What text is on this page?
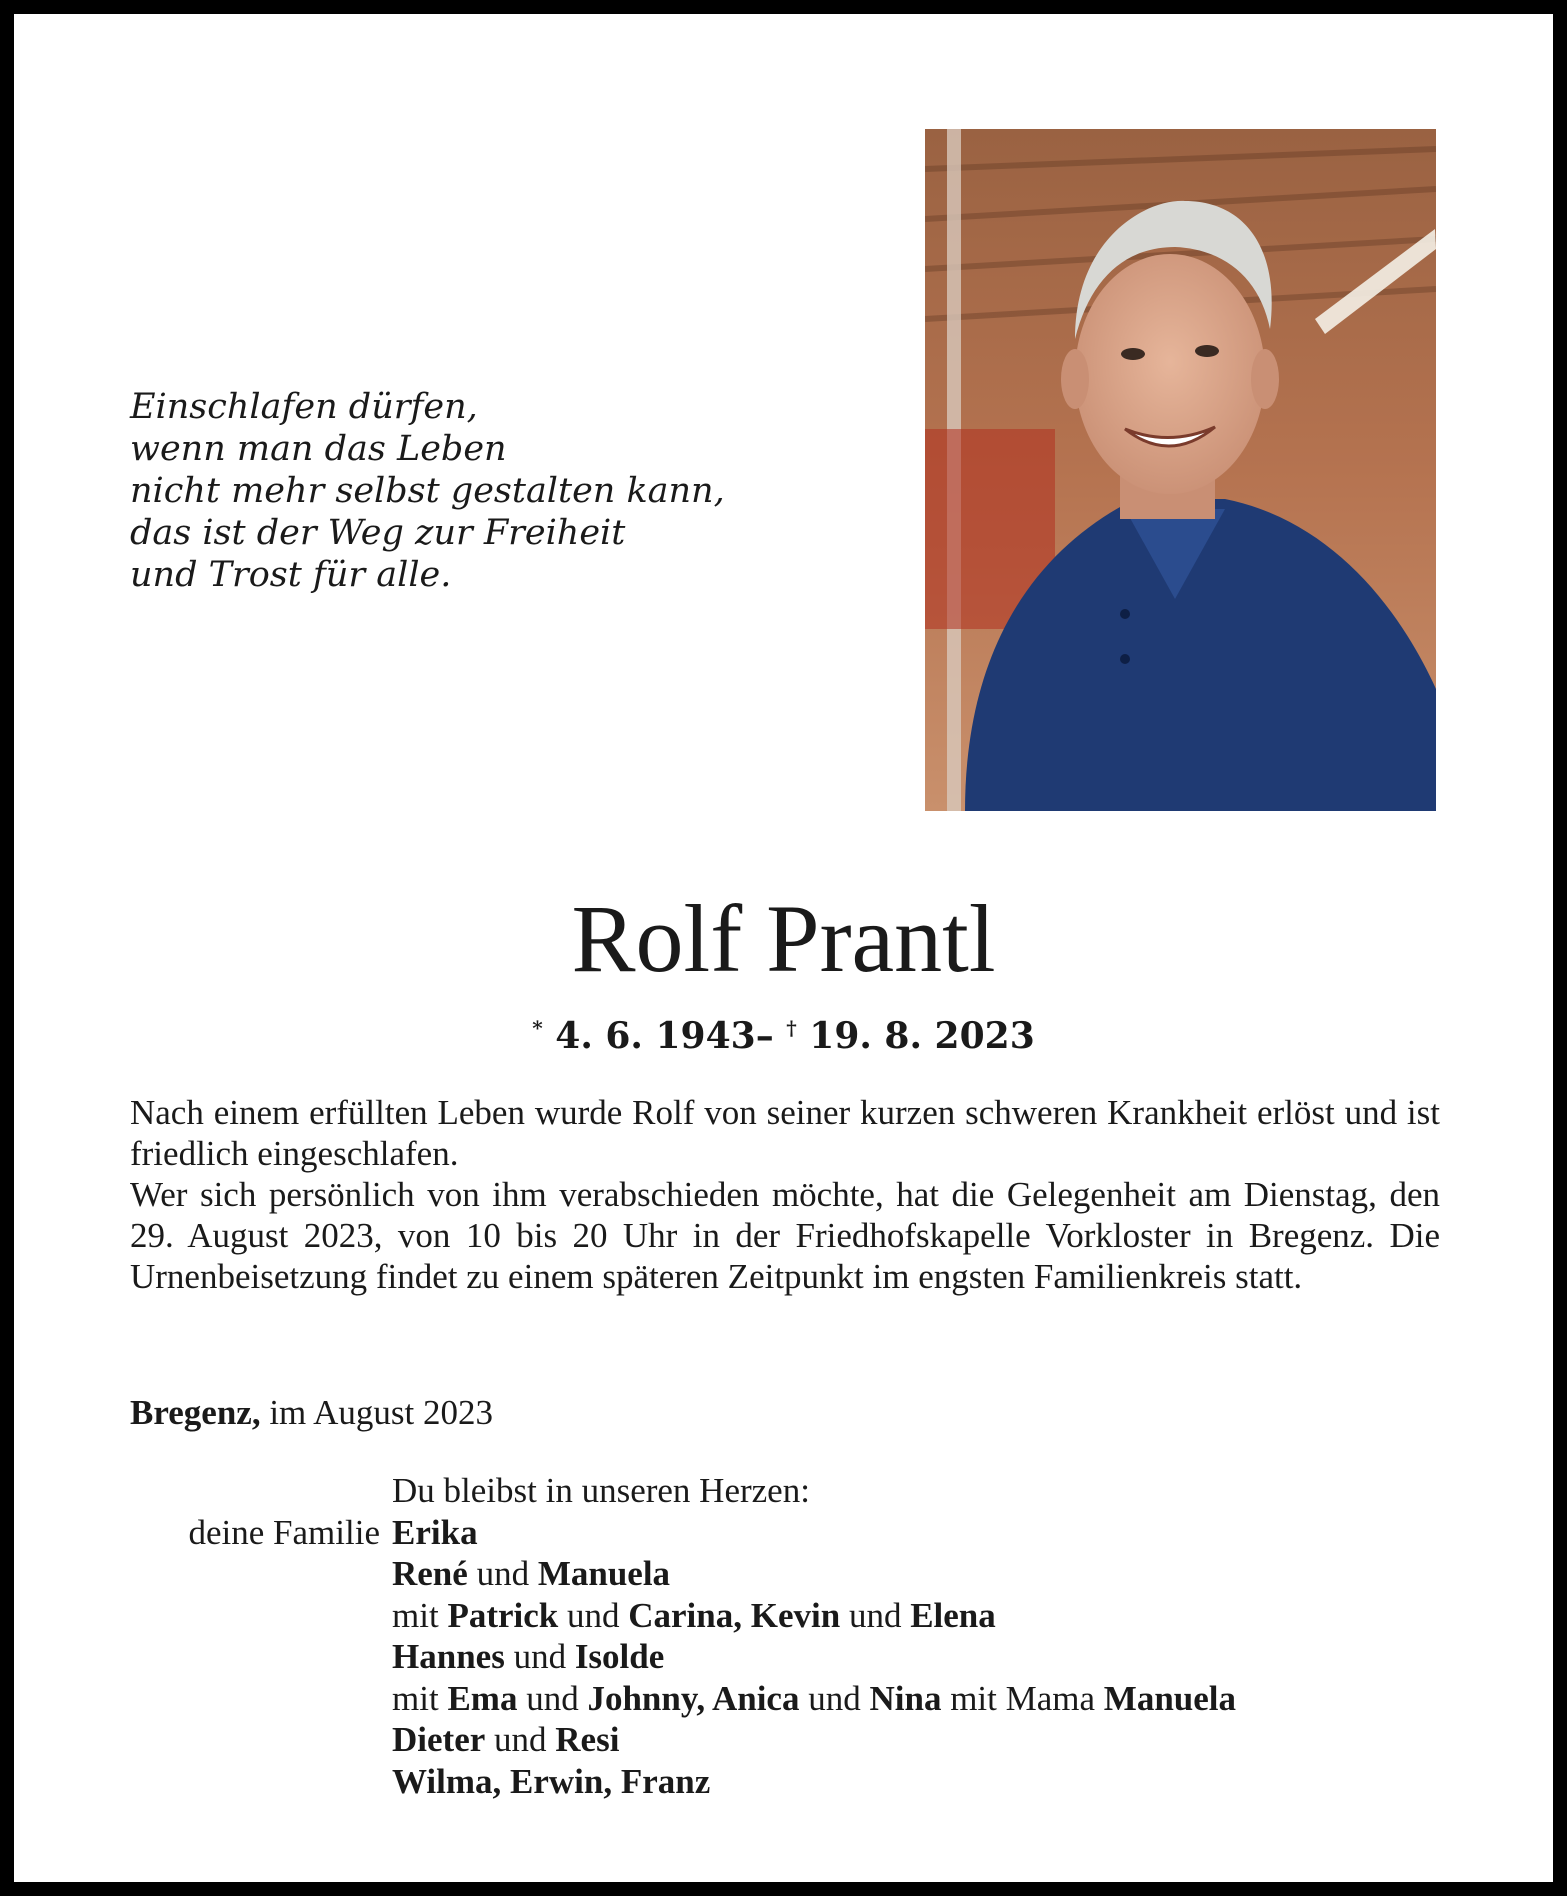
Einschlafen dürfen,
wenn man das Leben
nicht mehr selbst gestalten kann,
das ist der Weg zur Freiheit
und Trost für alle.
Rolf Prantl
* 4. 6. 1943– † 19. 8. 2023

Nach einem erfüllten Leben wurde Rolf von seiner kurzen schweren Krankheit erlöst und ist friedlich eingeschlafen.

Wer sich persönlich von ihm verabschieden möchte, hat die Gelegenheit am Dienstag, den 29. August 2023, von 10 bis 20 Uhr in der Friedhofskapelle Vorkloster in Bregenz. Die Urnenbeisetzung findet zu einem späteren Zeitpunkt im engsten Familienkreis statt.

Bregenz, im August 2023
Du bleibst in unseren Herzen:
deine Familie Erika
René und Manuela
mit Patrick und Carina, Kevin und Elena
Hannes und Isolde
mit Ema und Johnny, Anica und Nina mit Mama Manuela
Dieter und Resi
Wilma, Erwin, Franz
